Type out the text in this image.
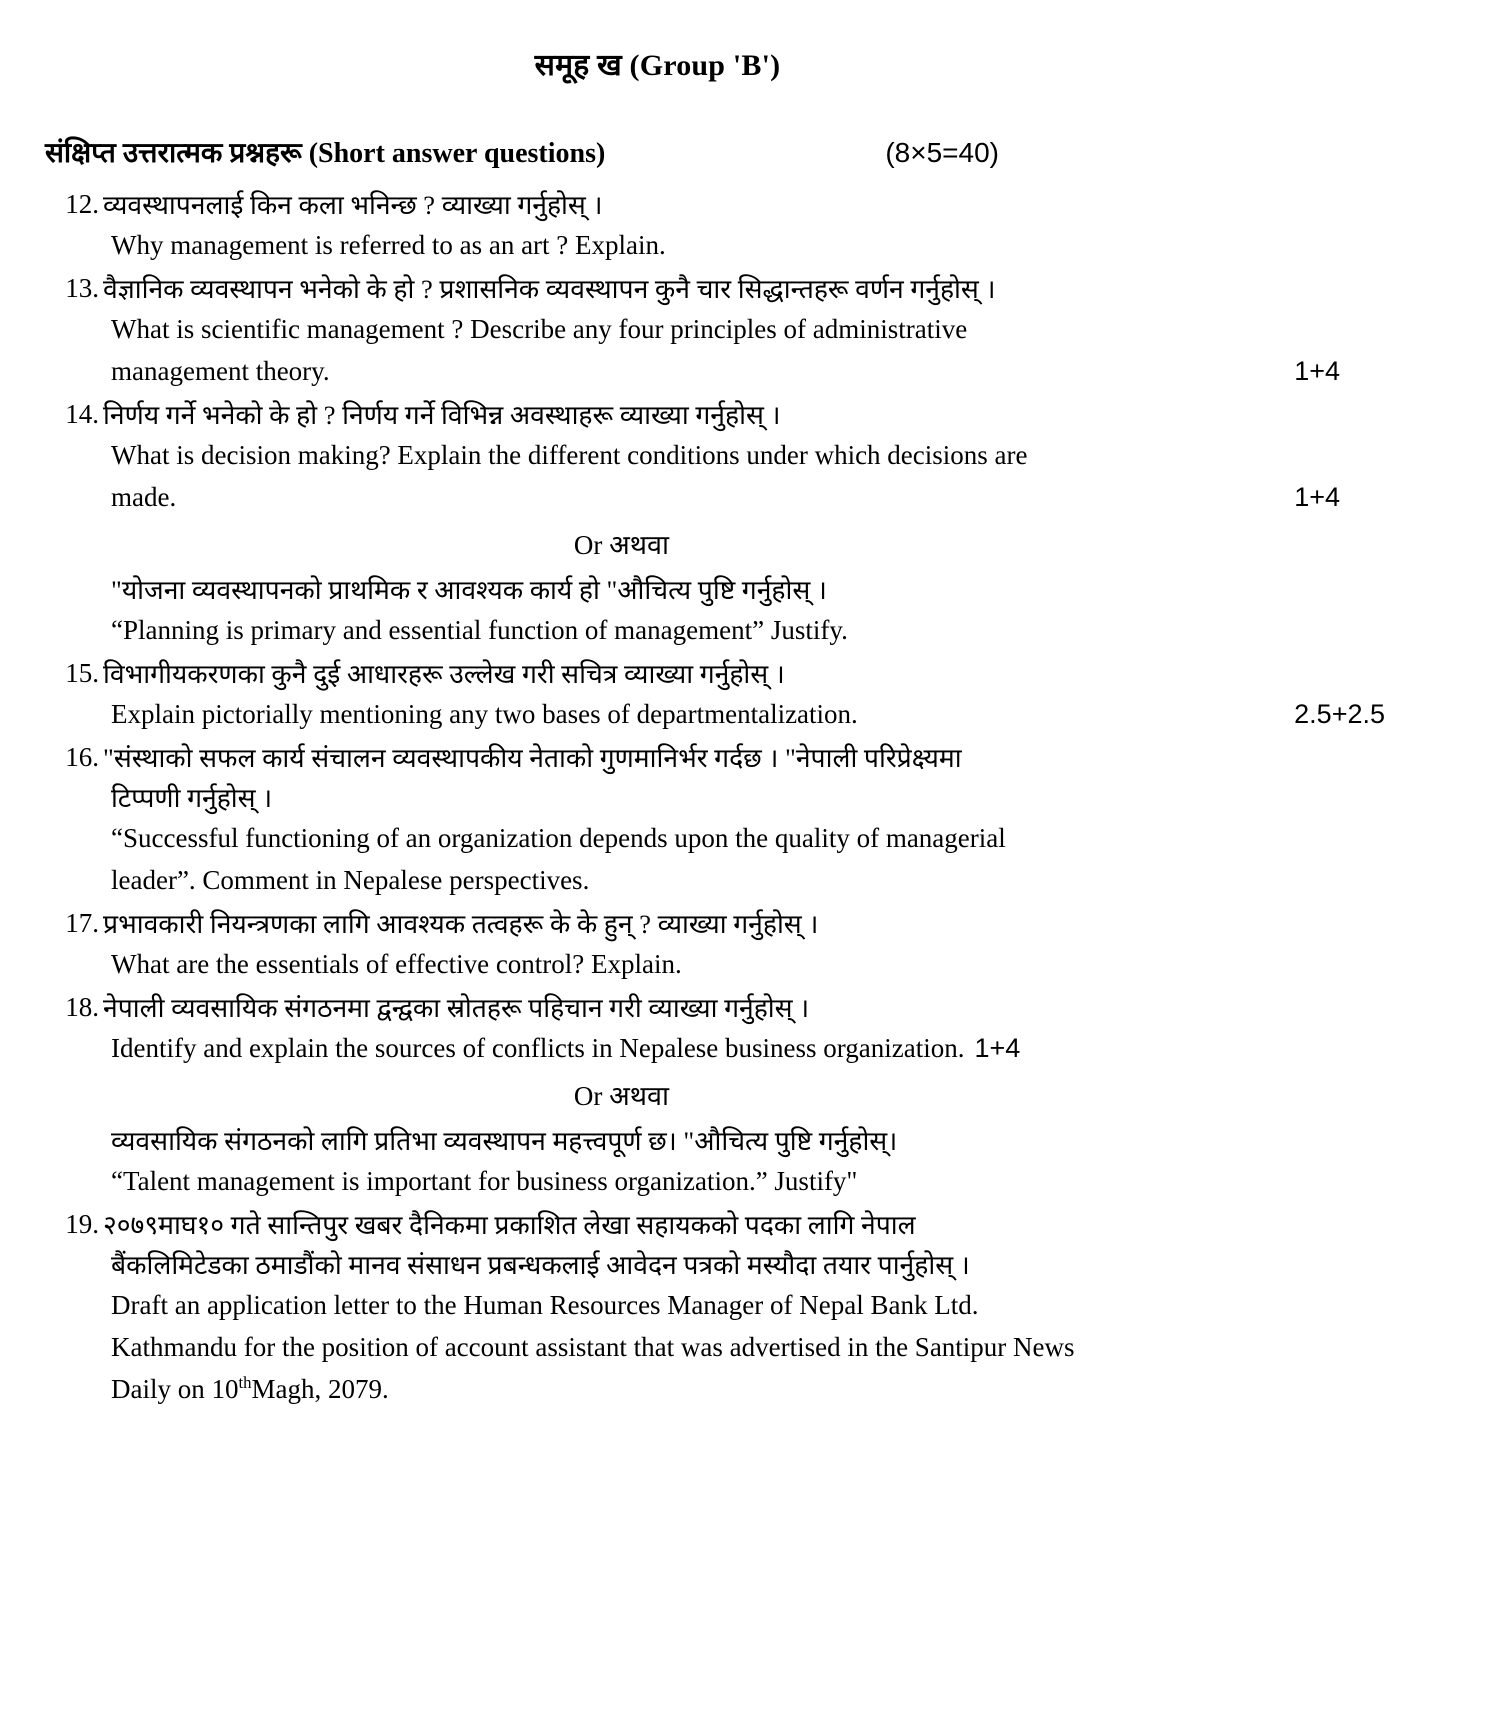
समूह ख (Group 'B')
संक्षिप्त उत्तरात्मक प्रश्नहरू (Short answer questions)	(8×5=40)
12. व्यवस्थापनलाई किन कला भनिन्छ ? व्याख्या गर्नुहोस् ।
Why management is referred to as an art ? Explain.
13. वैज्ञानिक व्यवस्थापन भनेको के हो ? प्रशासनिक व्यवस्थापन कुनै चार सिद्धान्तहरू वर्णन गर्नुहोस् ।
What is scientific management ? Describe any four principles of administrative
management theory.	1+4
14. निर्णय गर्ने भनेको के हो ? निर्णय गर्ने विभिन्न अवस्थाहरू व्याख्या गर्नुहोस् ।
What is decision making? Explain the different conditions under which decisions are
made.	1+4
Or अथवा
"योजना व्यवस्थापनको प्राथमिक र आवश्यक कार्य हो "औचित्य पुष्टि गर्नुहोस् ।
“Planning is primary and essential function of management” Justify.
15. विभागीयकरणका कुनै दुई आधारहरू उल्लेख गरी सचित्र व्याख्या गर्नुहोस् ।
Explain pictorially mentioning any two bases of departmentalization.	2.5+2.5
16. "संस्थाको सफल कार्य संचालन व्यवस्थापकीय नेताको गुणमानिर्भर गर्दछ । "नेपाली परिप्रेक्ष्यमा
टिप्पणी गर्नुहोस् ।
“Successful functioning of an organization depends upon the quality of managerial
leader”. Comment in Nepalese perspectives.
17. प्रभावकारी नियन्त्रणका लागि आवश्यक तत्वहरू के के हुन् ? व्याख्या गर्नुहोस् ।
What are the essentials of effective control? Explain.
18. नेपाली व्यवसायिक संगठनमा द्वन्द्वका स्रोतहरू पहिचान गरी व्याख्या गर्नुहोस् ।
Identify and explain the sources of conflicts in Nepalese business organization. 1+4
Or अथवा
व्यवसायिक संगठनको लागि प्रतिभा व्यवस्थापन महत्त्वपूर्ण छ। "औचित्य पुष्टि गर्नुहोस्।
“Talent management is important for business organization.” Justify"
19. २०७९माघ१० गते सान्तिपुर खबर दैनिकमा प्रकाशित लेखा सहायकको पदका लागि नेपाल
बैंकलिमिटेडका ठमाडौंको मानव संसाधन प्रबन्धकलाई आवेदन पत्रको मस्यौदा तयार पार्नुहोस् ।
Draft an application letter to the Human Resources Manager of Nepal Bank Ltd.
Kathmandu for the position of account assistant that was advertised in the Santipur News
Daily on 10thMagh, 2079.
